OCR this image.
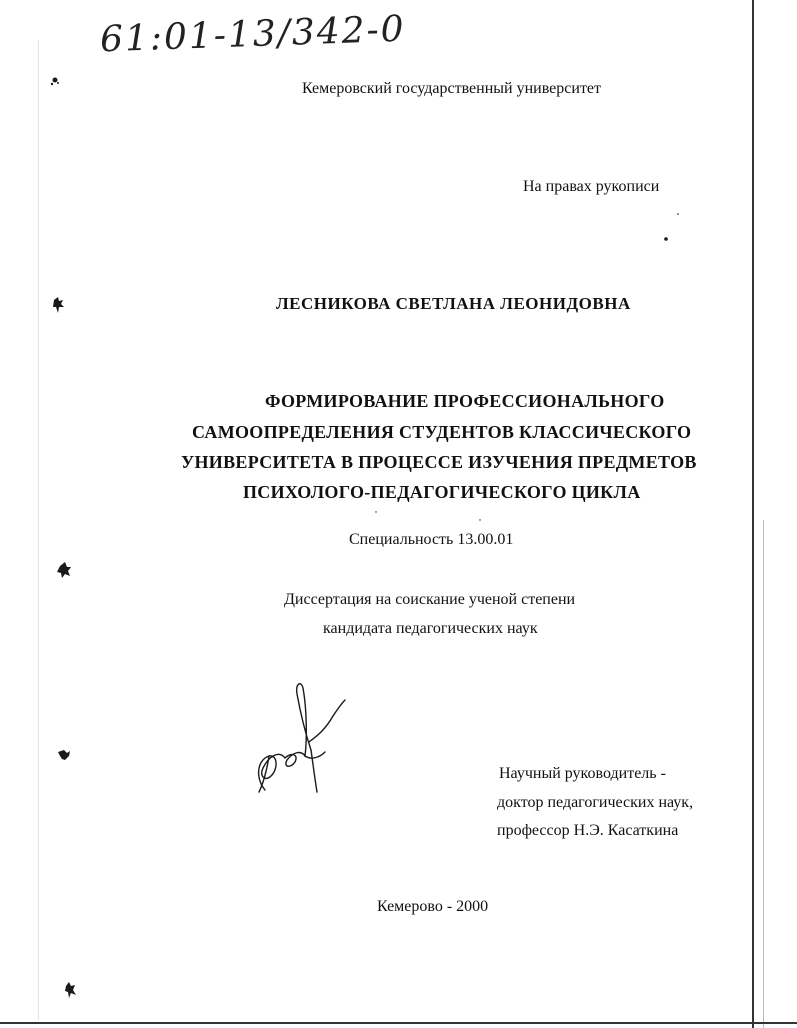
61:01-13/342-0
Кемеровский государственный университет
На правах рукописи
ЛЕСНИКОВА СВЕТЛАНА ЛЕОНИДОВНА
ФОРМИРОВАНИЕ ПРОФЕССИОНАЛЬНОГО
САМООПРЕДЕЛЕНИЯ СТУДЕНТОВ КЛАССИЧЕСКОГО
УНИВЕРСИТЕТА В ПРОЦЕССЕ ИЗУЧЕНИЯ ПРЕДМЕТОВ
ПСИХОЛОГО-ПЕДАГОГИЧЕСКОГО ЦИКЛА
Специальность 13.00.01
Диссертация на соискание ученой степени
кандидата педагогических наук
Научный руководитель -
доктор педагогических наук,
профессор Н.Э. Касаткина
Кемерово - 2000
